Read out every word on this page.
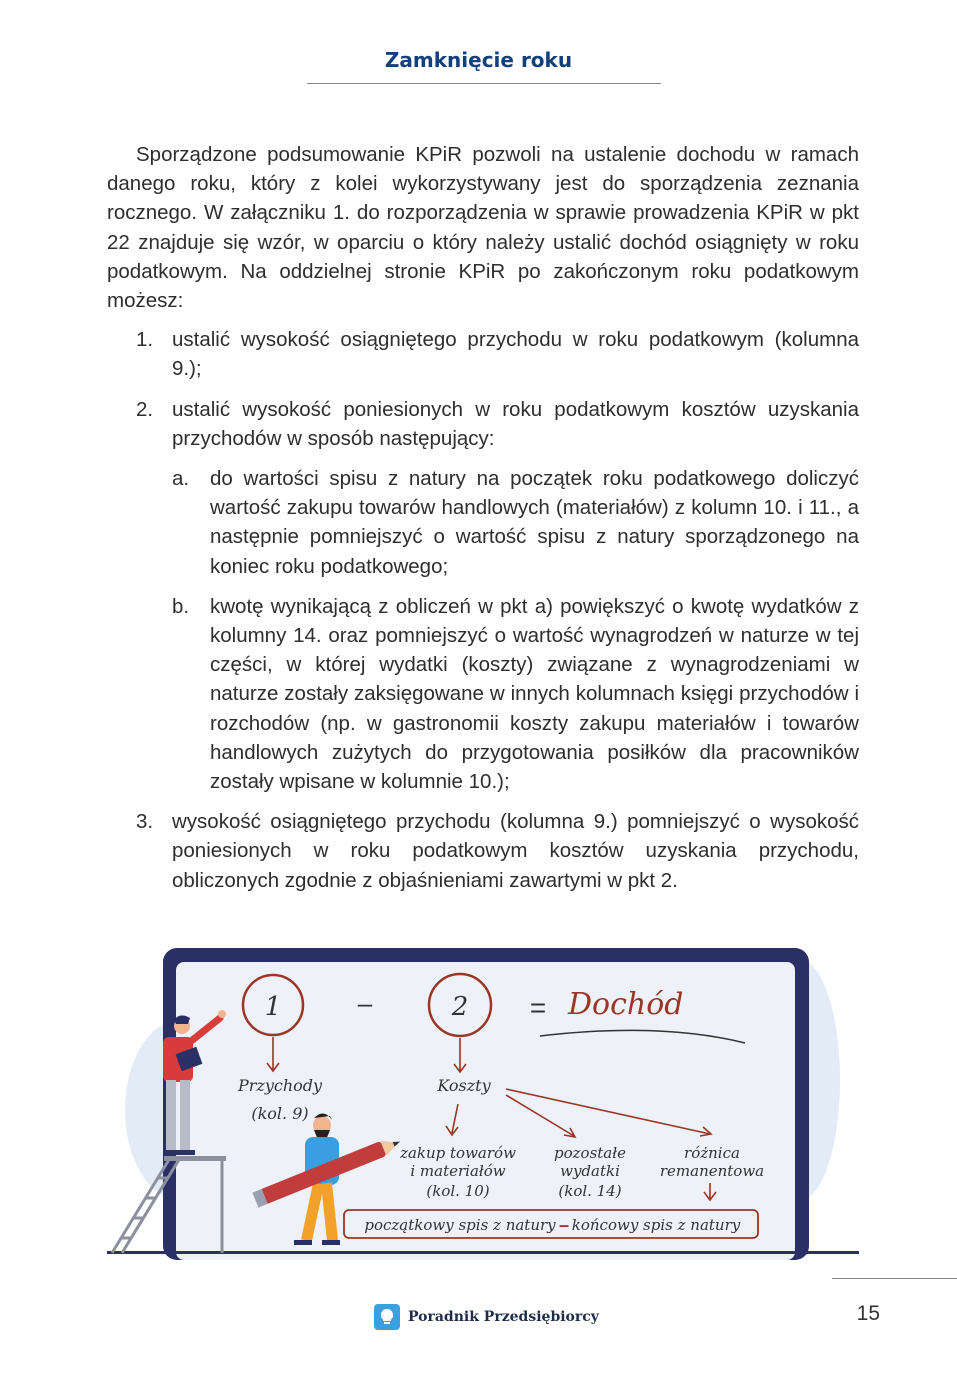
Zamknięcie roku

Sporządzone podsumowanie KPiR pozwoli na ustalenie dochodu w ramach danego roku, który z kolei wykorzystywany jest do sporządzenia zeznania rocznego. W załączniku 1. do rozporządzenia w sprawie prowadzenia KPiR w pkt 22 znajduje się wzór, w oparciu o który należy ustalić dochód osiągnięty w roku podatkowym. Na oddzielnej stronie KPiR po zakończonym roku podatkowym możesz:

1. ustalić wysokość osiągniętego przychodu w roku podatkowym (kolumna 9.);
2. ustalić wysokość poniesionych w roku podatkowym kosztów uzyskania przychodów w sposób następujący:
a. do wartości spisu z natury na początek roku podatkowego doliczyć wartość zakupu towarów handlowych (materiałów) z kolumn 10. i 11., a następnie pomniejszyć o wartość spisu z natury sporządzonego na koniec roku podatkowego;
b. kwotę wynikającą z obliczeń w pkt a) powiększyć o kwotę wydatków z kolumny 14. oraz pomniejszyć o wartość wynagrodzeń w naturze w tej części, w której wydatki (koszty) związane z wynagrodzeniami w naturze zostały zaksięgowane w innych kolumnach księgi przychodów i rozchodów (np. w gastronomii koszty zakupu materiałów i towarów handlowych zużytych do przygotowania posiłków dla pracowników zostały wpisane w kolumnie 10.);
3. wysokość osiągniętego przychodu (kolumna 9.) pomniejszyć o wysokość poniesionych w roku podatkowym kosztów uzyskania przychodu, obliczonych zgodnie z objaśnieniami zawartymi w pkt 2.
1	–	2 = Dochód
Przychody
(kol. 9)
Koszty
zakup towarów
i materiałów
(kol. 10)
pozostałe
wydatki
(kol. 14)
różnica
remanentowa
początkowy spis z natury – końcowy spis z natury
Poradnik Przedsiębiorcy	15
